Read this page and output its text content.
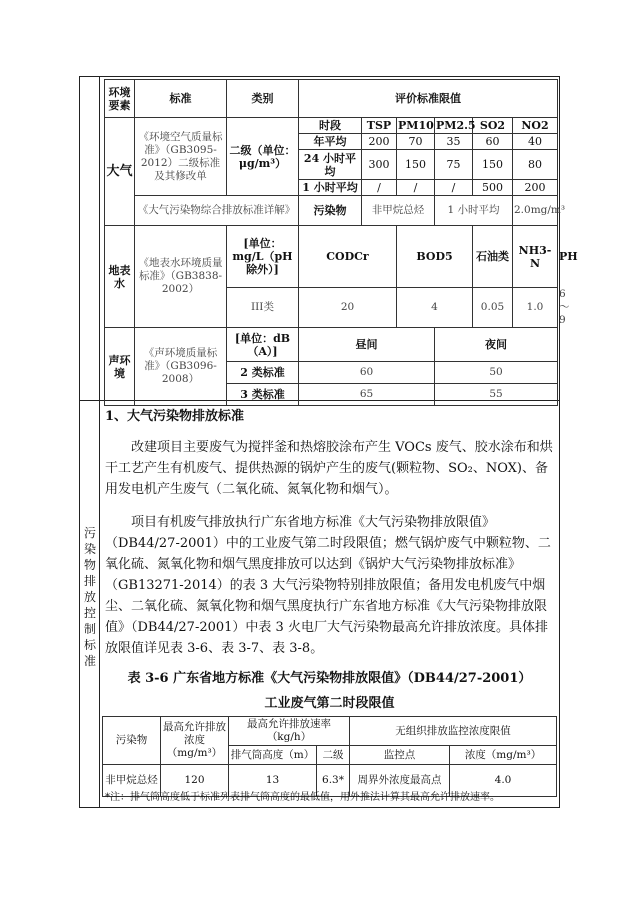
污染物排放控制标准
环境要素	标准	类别	评价标准限值						
大气	《环境空气质量标准》（GB3095-2012）二级标准及其修改单	二级（单位：μg/m³）	时段	TSP	PM10	PM2.5	SO2	NO2	
			年平均	200	70	35	60	40	
			24 小时平均	300	150	75	150	80	
			1 小时平均	/	/	/	500	200	
	《大气污染物综合排放标准详解》		污染物	非甲烷总烃		1 小时平均		2.0mg/m³	
地表水	《地表水环境质量标准》（GB3838-2002）	[单位：mg/L（pH 除外）]	CODCr		BOD5		石油类	NH3-N	PH
		III类	20		4		0.05	1.0	6～9
声环境	《声环境质量标准》（GB3096-2008）	[单位：dB（A）]	昼间			夜间			
		2 类标准	60			50			
		3 类标准	65			55			
1、大气污染物排放标准
改建项目主要废气为搅拌釜和热熔胶涂布产生 VOCs 废气、胶水涂布和烘干工艺产生有机废气、提供热源的锅炉产生的废气(颗粒物、SO₂、NOX)、备用发电机产生废气（二氧化硫、氮氧化物和烟气）。
项目有机废气排放执行广东省地方标准《大气污染物排放限值》（DB44/27-2001）中的工业废气第二时段限值；燃气锅炉废气中颗粒物、二氧化硫、氮氧化物和烟气黑度排放可以达到《锅炉大气污染物排放标准》（GB13271-2014）的表 3 大气污染物特别排放限值；备用发电机废气中烟尘、二氧化硫、氮氧化物和烟气黑度执行广东省地方标准《大气污染物排放限值》（DB44/27-2001）中表 3 火电厂大气污染物最高允许排放浓度。具体排放限值详见表 3-6、表 3-7、表 3-8。
表 3-6 广东省地方标准《大气污染物排放限值》（DB44/27-2001）
工业废气第二时段限值
污染物	最高允许排放浓度（mg/m³）	最高允许排放速率（kg/h）		无组织排放监控浓度限值	
		排气筒高度（m）	二级	监控点	浓度（mg/m³）
非甲烷总烃	120	13	6.3*	周界外浓度最高点	4.0
*注：排气筒高度低于标准列表排气筒高度的最低值，用外推法计算其最高允许排放速率。
